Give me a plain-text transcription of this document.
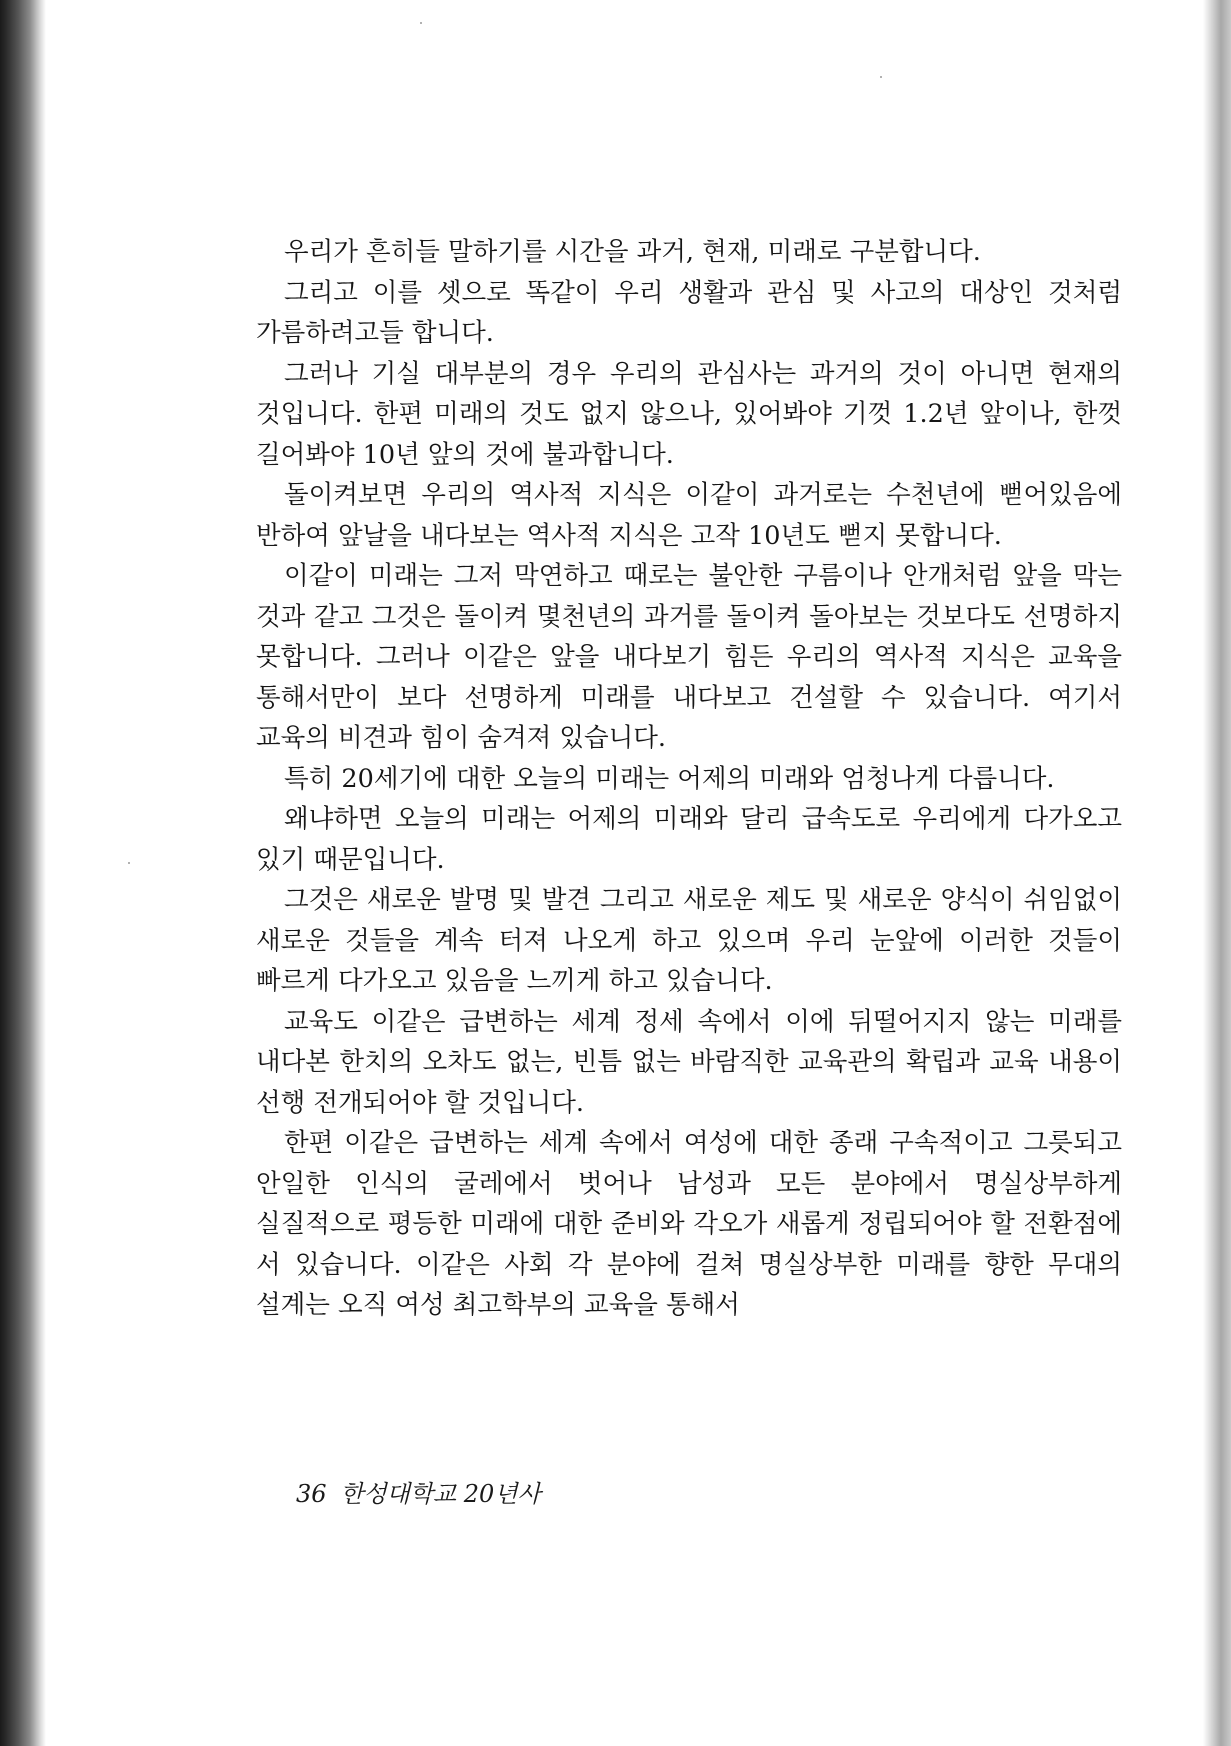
우리가 흔히들 말하기를 시간을 과거, 현재, 미래로 구분합니다.

그리고 이를 셋으로 똑같이 우리 생활과 관심 및 사고의 대상인 것처럼 가름하려고들 합니다.

그러나 기실 대부분의 경우 우리의 관심사는 과거의 것이 아니면 현재의 것입니다. 한편 미래의 것도 없지 않으나, 있어봐야 기껏 1.2년 앞이나, 한껏 길어봐야 10년 앞의 것에 불과합니다.

돌이켜보면 우리의 역사적 지식은 이같이 과거로는 수천년에 뻗어있음에 반하여 앞날을 내다보는 역사적 지식은 고작 10년도 뻗지 못합니다.

이같이 미래는 그저 막연하고 때로는 불안한 구름이나 안개처럼 앞을 막는 것과 같고 그것은 돌이켜 몇천년의 과거를 돌이켜 돌아보는 것보다도 선명하지 못합니다. 그러나 이같은 앞을 내다보기 힘든 우리의 역사적 지식은 교육을 통해서만이 보다 선명하게 미래를 내다보고 건설할 수 있습니다. 여기서 교육의 비견과 힘이 숨겨져 있습니다.

특히 20세기에 대한 오늘의 미래는 어제의 미래와 엄청나게 다릅니다.

왜냐하면 오늘의 미래는 어제의 미래와 달리 급속도로 우리에게 다가오고 있기 때문입니다.

그것은 새로운 발명 및 발견 그리고 새로운 제도 및 새로운 양식이 쉬임없이 새로운 것들을 계속 터져 나오게 하고 있으며 우리 눈앞에 이러한 것들이 빠르게 다가오고 있음을 느끼게 하고 있습니다.

교육도 이같은 급변하는 세계 정세 속에서 이에 뒤떨어지지 않는 미래를 내다본 한치의 오차도 없는, 빈틈 없는 바람직한 교육관의 확립과 교육 내용이 선행 전개되어야 할 것입니다.

한편 이같은 급변하는 세계 속에서 여성에 대한 종래 구속적이고 그릇되고 안일한 인식의 굴레에서 벗어나 남성과 모든 분야에서 명실상부하게 실질적으로 평등한 미래에 대한 준비와 각오가 새롭게 정립되어야 할 전환점에 서 있습니다. 이같은 사회 각 분야에 걸쳐 명실상부한 미래를 향한 무대의 설계는 오직 여성 최고학부의 교육을 통해서

36 한성대학교 20년사
